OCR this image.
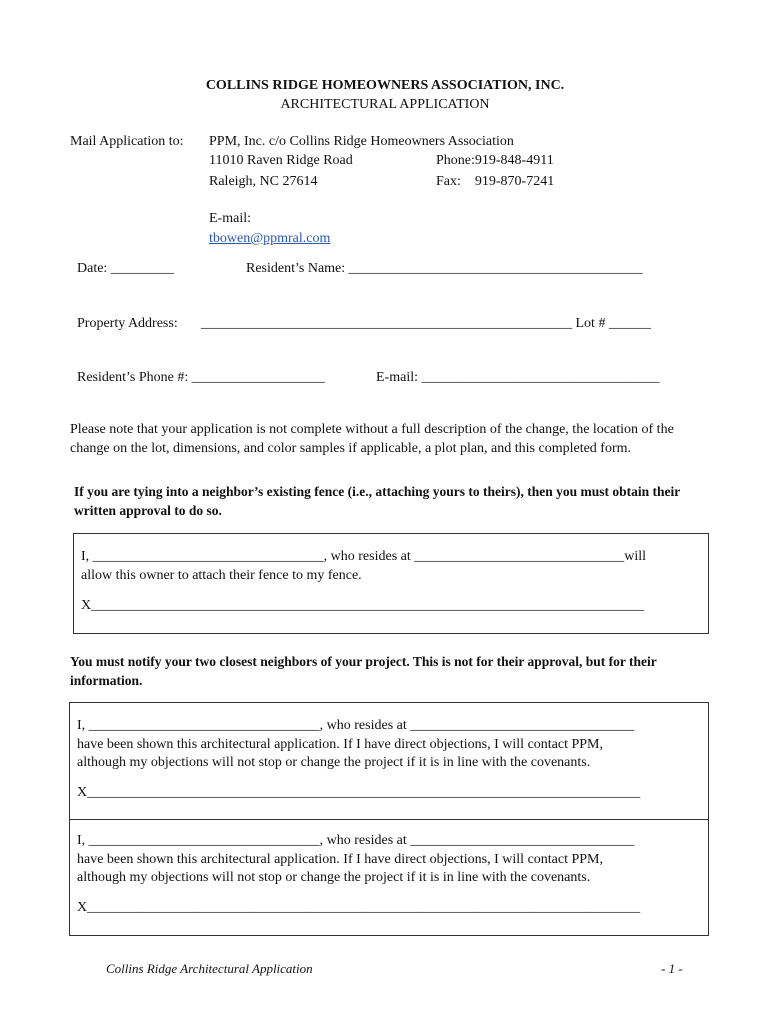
COLLINS RIDGE HOMEOWNERS ASSOCIATION, INC.
ARCHITECTURAL APPLICATION
Mail Application to: PPM, Inc. c/o Collins Ridge Homeowners Association
11010 Raven Ridge Road	Phone:919-848-4911
Raleigh, NC 27614	Fax:    919-870-7241
E-mail:
tbowen@ppmral.com
Date: _________	Resident’s Name: __________________________________________
Property Address: _____________________________________________________ Lot # ______
Resident’s Phone #: ___________________	E-mail: __________________________________
Please note that your application is not complete without a full description of the change, the location of the change on the lot, dimensions, and color samples if applicable, a plot plan, and this completed form.
If you are tying into a neighbor’s existing fence (i.e., attaching yours to theirs), then you must obtain their written approval to do so.
I, _________________________________, who resides at ______________________________will
allow this owner to attach their fence to my fence.
X_______________________________________________________________________________
You must notify your two closest neighbors of your project. This is not for their approval, but for their information.
I, _________________________________, who resides at ________________________________
have been shown this architectural application. If I have direct objections, I will contact PPM,
although my objections will not stop or change the project if it is in line with the covenants.
X_______________________________________________________________________________
I, _________________________________, who resides at ________________________________
have been shown this architectural application. If I have direct objections, I will contact PPM,
although my objections will not stop or change the project if it is in line with the covenants.
X_______________________________________________________________________________
Collins Ridge Architectural Application	- 1 -
